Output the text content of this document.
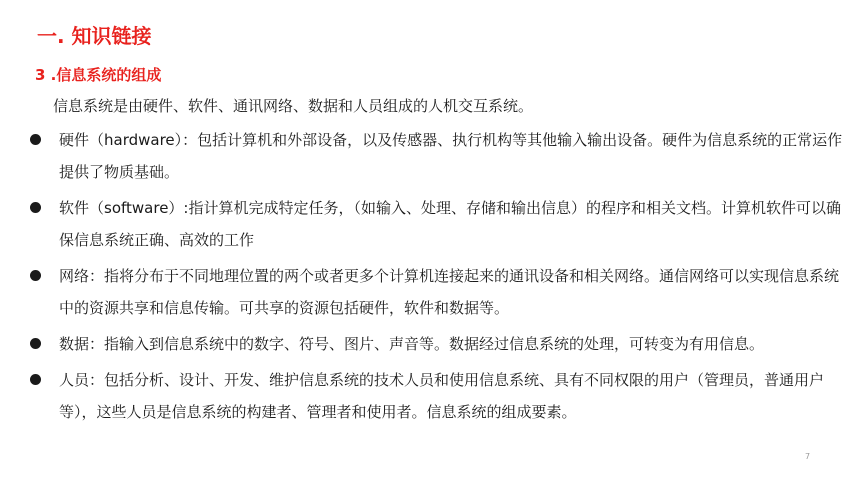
一. 知识链接
3 .信息系统的组成
信息系统是由硬件、软件、通讯网络、数据和人员组成的人机交互系统。
硬件（hardware）：包括计算机和外部设备，以及传感器、执行机构等其他输入输出设备。硬件为信息系统的正常运作提供了物质基础。
软件（software）:指计算机完成特定任务，（如输入、处理、存储和输出信息）的程序和相关文档。计算机软件可以确保信息系统正确、高效的工作
网络：指将分布于不同地理位置的两个或者更多个计算机连接起来的通讯设备和相关网络。通信网络可以实现信息系统中的资源共享和信息传输。可共享的资源包括硬件，软件和数据等。
数据：指输入到信息系统中的数字、符号、图片、声音等。数据经过信息系统的处理，可转变为有用信息。
人员：包括分析、设计、开发、维护信息系统的技术人员和使用信息系统、具有不同权限的用户（管理员，普通用户等），这些人员是信息系统的构建者、管理者和使用者。信息系统的组成要素。
7
